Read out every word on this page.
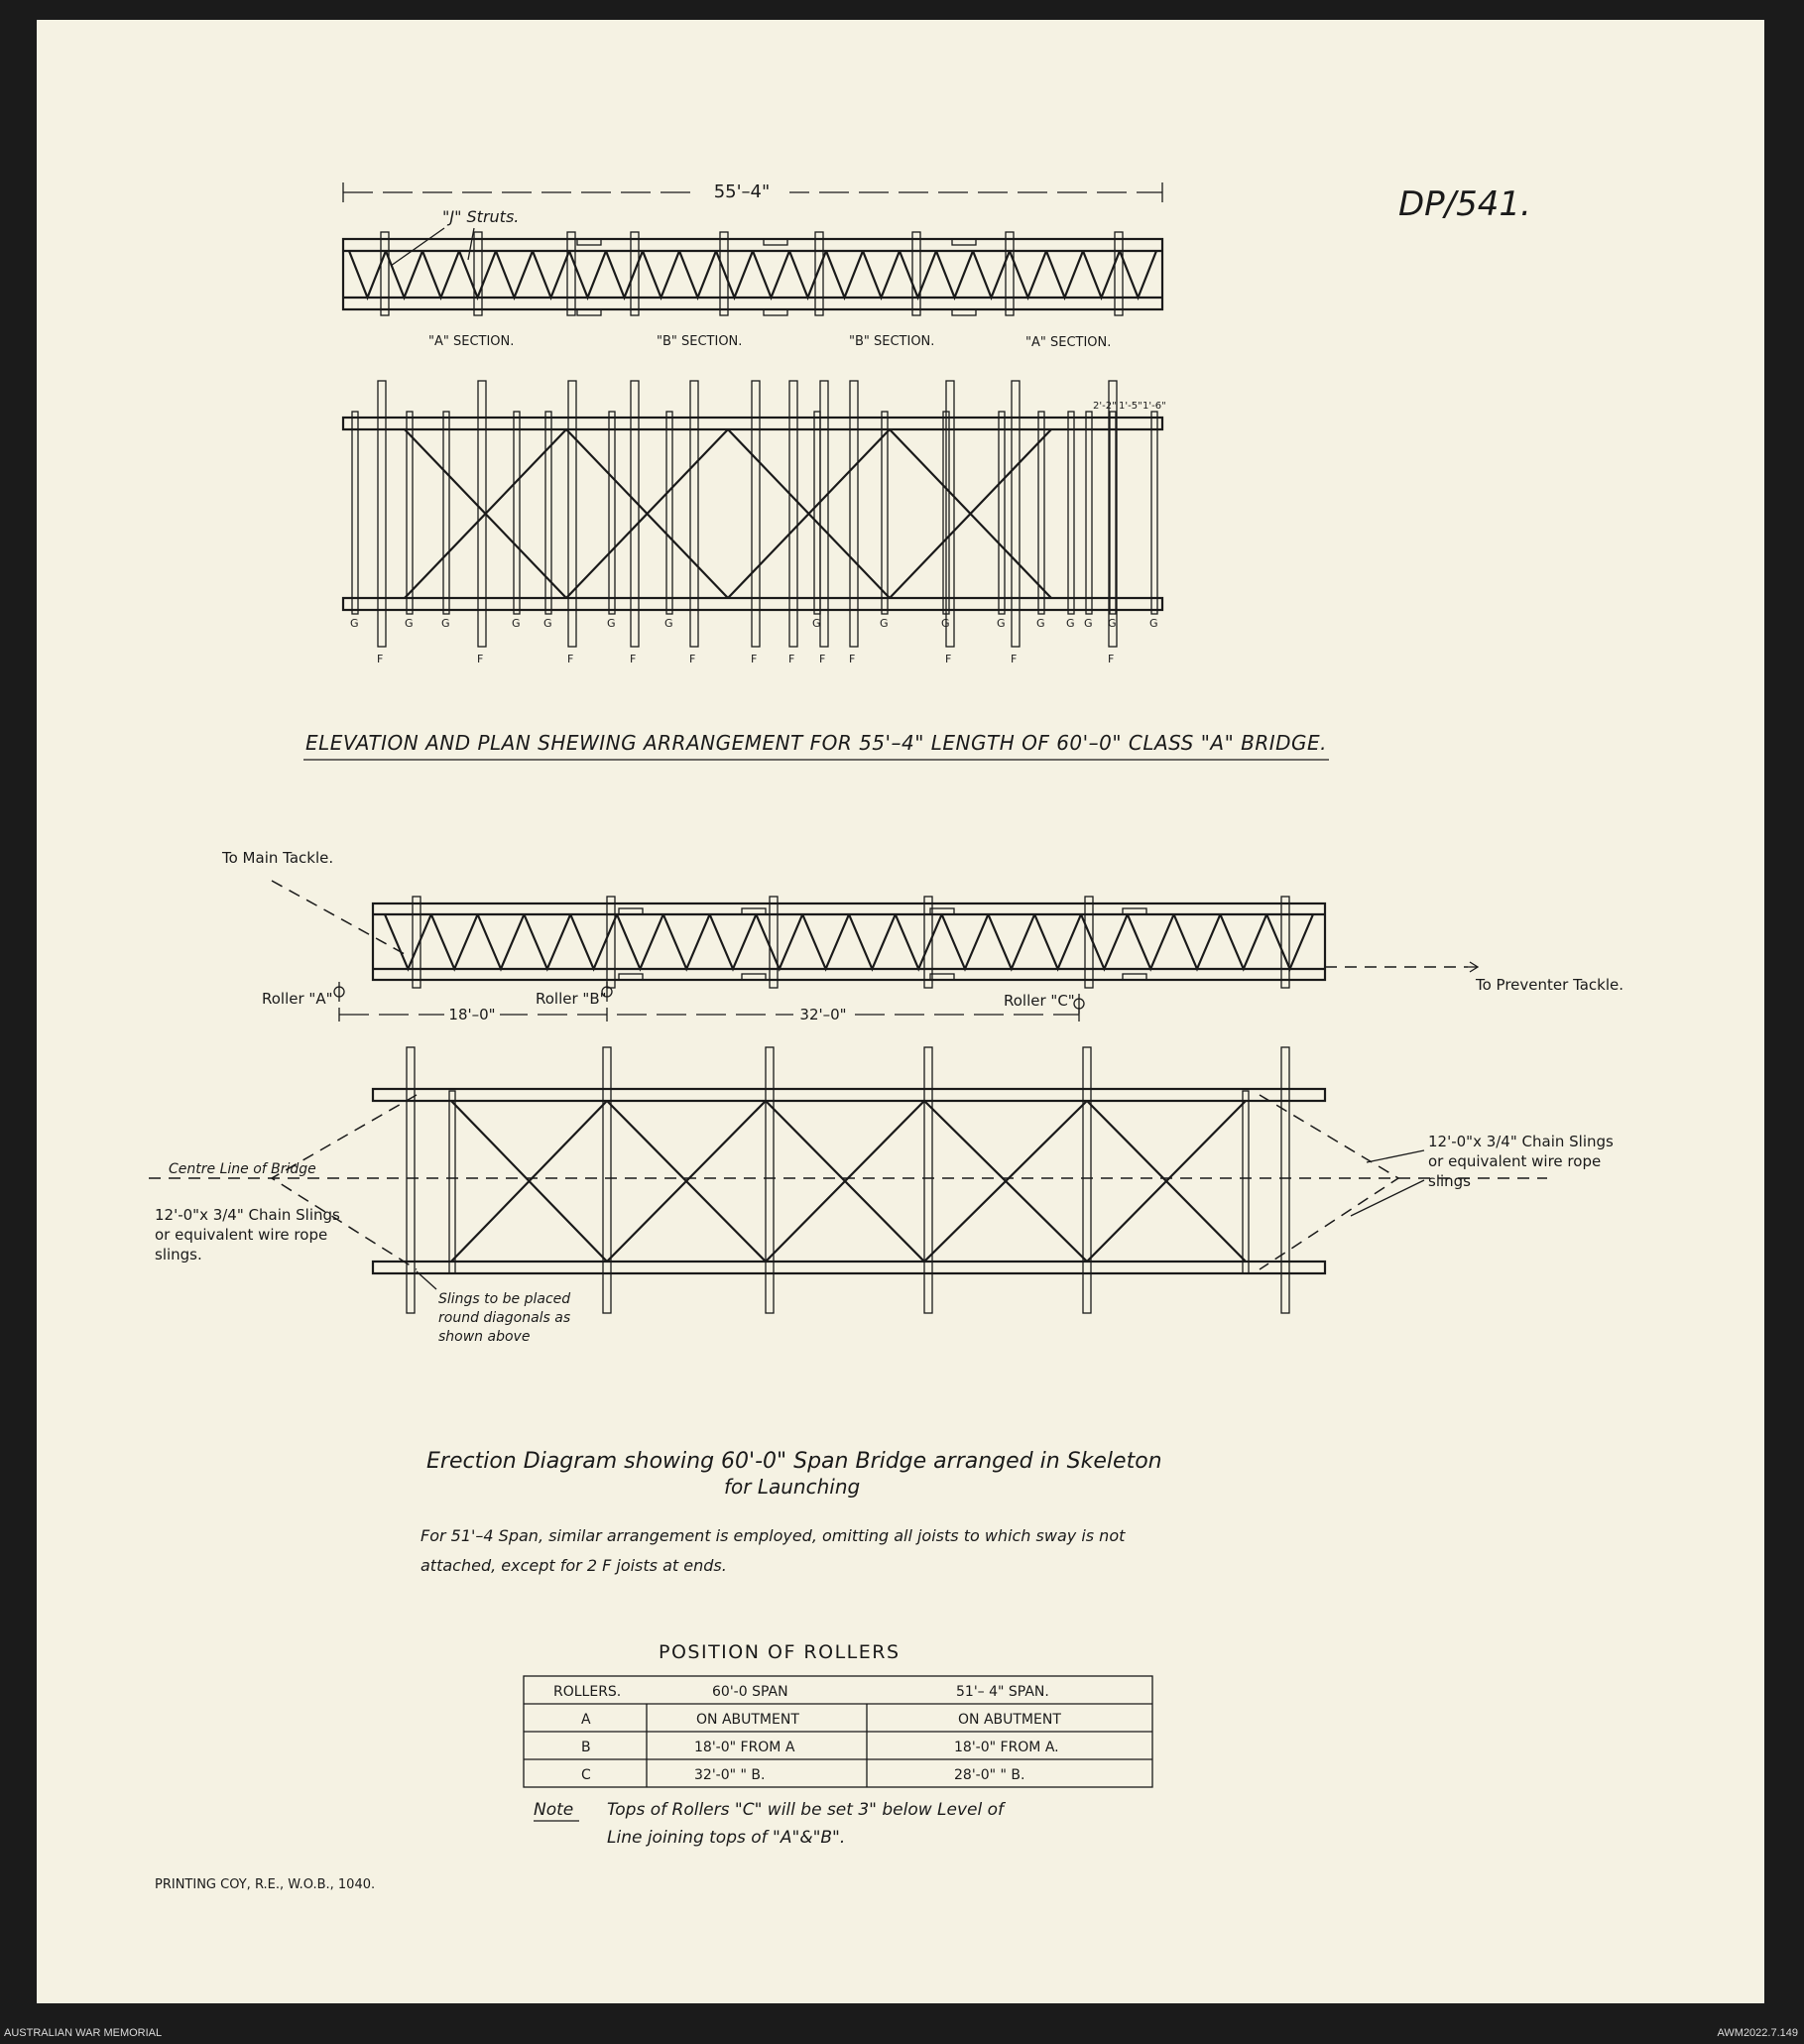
DP/541.
55'–4"
"J" Struts.
"A" SECTION.	"B" SECTION.	"B" SECTION.	"A" SECTION.
2'-2" 1'-5" 1'-6"
G	G	G	G G	G	G	G	G	G	G G	G	G
G
G
F	F	F	F	F	F	F F F	F	F	F
ELEVATION AND PLAN SHEWING ARRANGEMENT FOR 55'–4" LENGTH OF 60'–0" CLASS "A" BRIDGE.
To Main Tackle.
To Preventer Tackle.
Roller "A"	Roller "B"	Roller "C"
18'–0"	32'–0"
Centre Line of Bridge
12'-0"x 3/4" Chain Slings
or equivalent wire rope
slings.
12'-0"x 3/4" Chain Slings
or equivalent wire rope
slings
Slings to be placed
round diagonals as
shown above
Erection Diagram showing 60'-0" Span Bridge arranged in Skeleton
for Launching
For 51'–4 Span, similar arrangement is employed, omitting all joists to which sway is not
attached, except for 2 F joists at ends.
POSITION OF ROLLERS
ROLLERS.	60'-0 SPAN	51'– 4" SPAN.
A	ON ABUTMENT	ON ABUTMENT
B	18'-0" FROM A	18'-0" FROM A.
C	32'-0" " B.	28'-0" " B.
Note Tops of Rollers "C" will be set 3" below Level of
Line joining tops of "A"&"B".
PRINTING COY, R.E., W.O.B., 1040.
AUSTRALIAN WAR MEMORIAL	AWM2022.7.149
